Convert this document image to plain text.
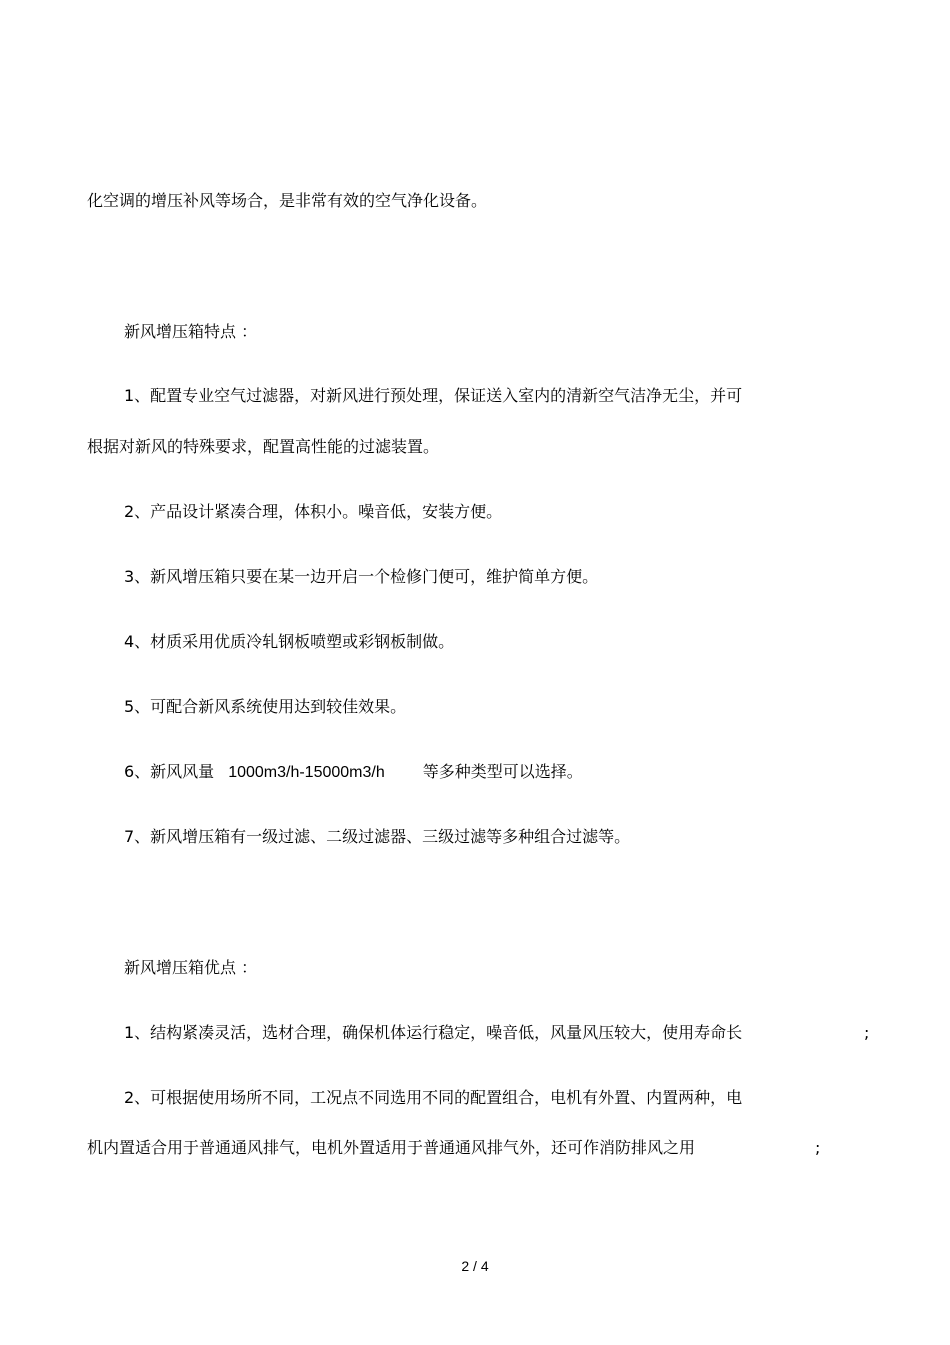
化空调的增压补风等场合，是非常有效的空气净化设备。
新风增压箱特点 ：
1、配置专业空气过滤器，对新风进行预处理，保证送入室内的清新空气洁净无尘，并可
根据对新风的特殊要求，配置高性能的过滤装置。
2、产品设计紧凑合理，体积小。噪音低，安装方便。
3、新风增压箱只要在某一边开启一个检修门便可，维护简单方便。
4、材质采用优质冷轧钢板喷塑或彩钢板制做。
5、可配合新风系统使用达到较佳效果。
6、新风风量 1000m3/h-15000m3/h 等多种类型可以选择。
7、新风增压箱有一级过滤、二级过滤器、三级过滤等多种组合过滤等。
新风增压箱优点 ：
1、结构紧凑灵活，选材合理，确保机体运行稳定，噪音低，风量风压较大，使用寿命长	;
2、可根据使用场所不同，工况点不同选用不同的配置组合，电机有外置、内置两种，电
机内置适合用于普通通风排气，电机外置适用于普通通风排气外，还可作消防排风之用	;
2 / 4
